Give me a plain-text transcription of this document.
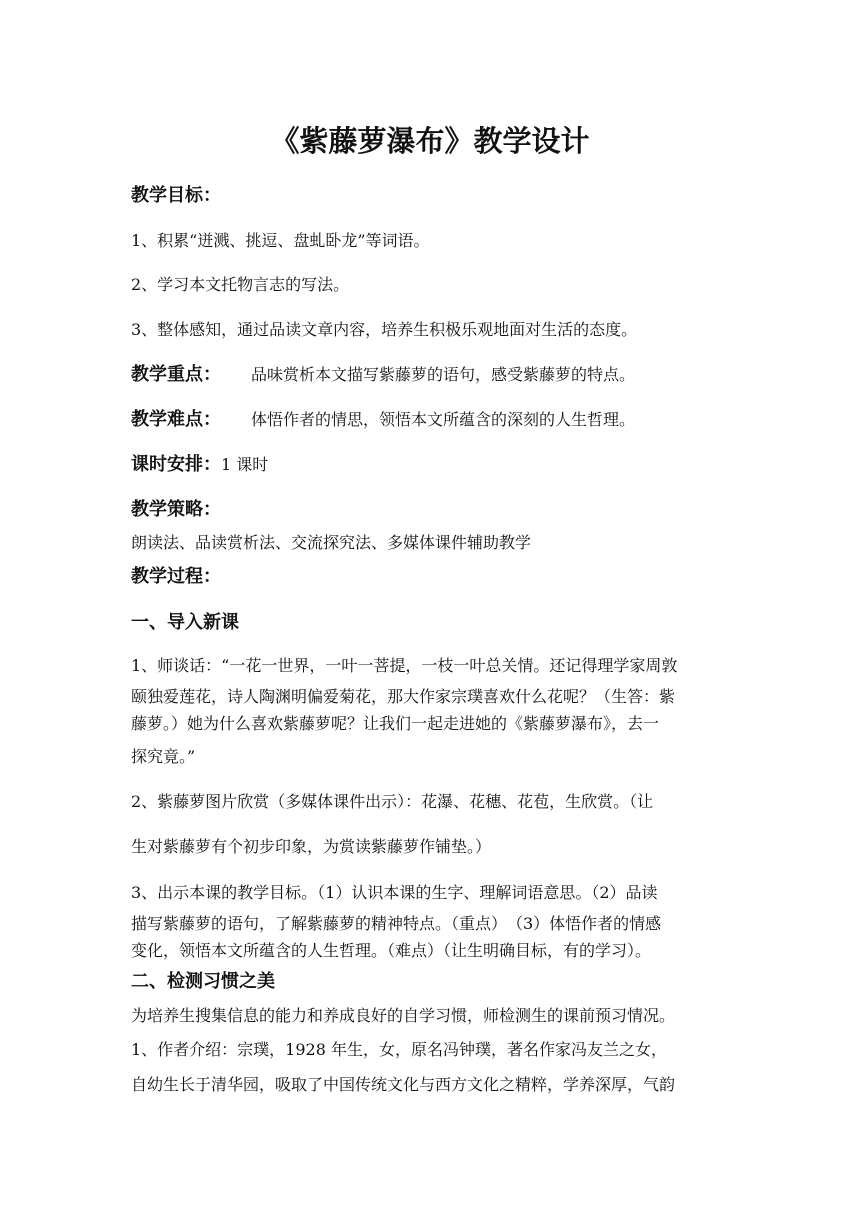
《紫藤萝瀑布》教学设计
教学目标：
1、积累“迸溅、挑逗、盘虬卧龙”等词语。
2、学习本文托物言志的写法。
3、整体感知，通过品读文章内容，培养生积极乐观地面对生活的态度。
教学重点： 品味赏析本文描写紫藤萝的语句，感受紫藤萝的特点。
教学难点： 体悟作者的情思，领悟本文所蕴含的深刻的人生哲理。
课时安排：1 课时
教学策略：
朗读法、品读赏析法、交流探究法、多媒体课件辅助教学
教学过程：
一、导入新课
1、师谈话：“一花一世界，一叶一菩提，一枝一叶总关情。还记得理学家周敦
颐独爱莲花，诗人陶渊明偏爱菊花，那大作家宗璞喜欢什么花呢？（生答：紫
藤萝。）她为什么喜欢紫藤萝呢？让我们一起走进她的《紫藤萝瀑布》，去一
探究竟。”
2、紫藤萝图片欣赏（多媒体课件出示）：花瀑、花穗、花苞，生欣赏。（让
生对紫藤萝有个初步印象，为赏读紫藤萝作铺垫。）
3、出示本课的教学目标。（1）认识本课的生字、理解词语意思。（2）品读
描写紫藤萝的语句，了解紫藤萝的精神特点。（重点）　（3）体悟作者的情感
变化，领悟本文所蕴含的人生哲理。（难点）（让生明确目标，有的学习）。
二、检测习惯之美
为培养生搜集信息的能力和养成良好的自学习惯，师检测生的课前预习情况。
1、作者介绍：宗璞，1928 年生，女，原名冯钟璞，著名作家冯友兰之女，
自幼生长于清华园，吸取了中国传统文化与西方文化之精粹，学养深厚，气韵
